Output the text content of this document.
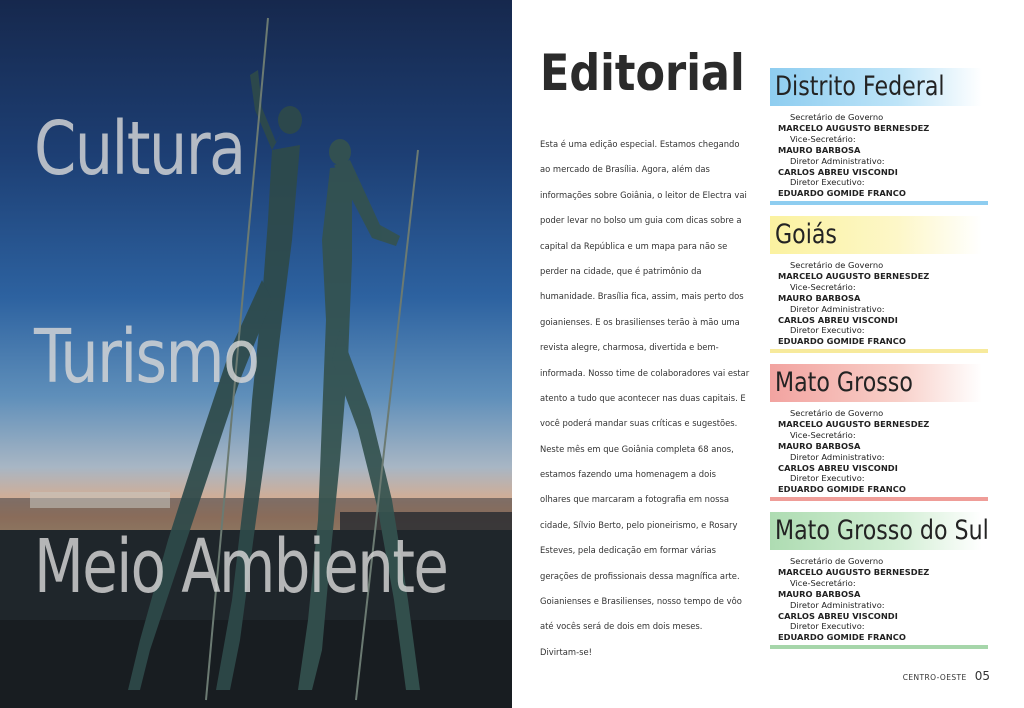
Cultura
Turismo
Meio Ambiente
Editorial
Esta é uma edição especial. Estamos chegando
ao mercado de Brasília. Agora, além das
informações sobre Goiânia, o leitor de Electra vai
poder levar no bolso um guia com dicas sobre a
capital da República e um mapa para não se
perder na cidade, que é patrimônio da
humanidade. Brasília fica, assim, mais perto dos
goianienses. E os brasilienses terão à mão uma
revista alegre, charmosa, divertida e bem-
informada. Nosso time de colaboradores vai estar
atento a tudo que acontecer nas duas capitais. E
você poderá mandar suas críticas e sugestões.
Neste mês em que Goiânia completa 68 anos,
estamos fazendo uma homenagem a dois
olhares que marcaram a fotografia em nossa
cidade, Sílvio Berto, pelo pioneirismo, e Rosary
Esteves, pela dedicação em formar várias
gerações de profissionais dessa magnífica arte.
Goianienses e Brasilienses, nosso tempo de vôo
até vocês será de dois em dois meses.
Divirtam-se!
Distrito Federal
Secretário de Governo
MARCELO AUGUSTO BERNESDEZ
Vice-Secretário:
MAURO BARBOSA
Diretor Administrativo:
CARLOS ABREU VISCONDI
Diretor Executivo:
EDUARDO GOMIDE FRANCO
Goiás
Secretário de Governo
MARCELO AUGUSTO BERNESDEZ
Vice-Secretário:
MAURO BARBOSA
Diretor Administrativo:
CARLOS ABREU VISCONDI
Diretor Executivo:
EDUARDO GOMIDE FRANCO
Mato Grosso
Secretário de Governo
MARCELO AUGUSTO BERNESDEZ
Vice-Secretário:
MAURO BARBOSA
Diretor Administrativo:
CARLOS ABREU VISCONDI
Diretor Executivo:
EDUARDO GOMIDE FRANCO
Mato Grosso do Sul
Secretário de Governo
MARCELO AUGUSTO BERNESDEZ
Vice-Secretário:
MAURO BARBOSA
Diretor Administrativo:
CARLOS ABREU VISCONDI
Diretor Executivo:
EDUARDO GOMIDE FRANCO
CENTRO-OESTE 05
